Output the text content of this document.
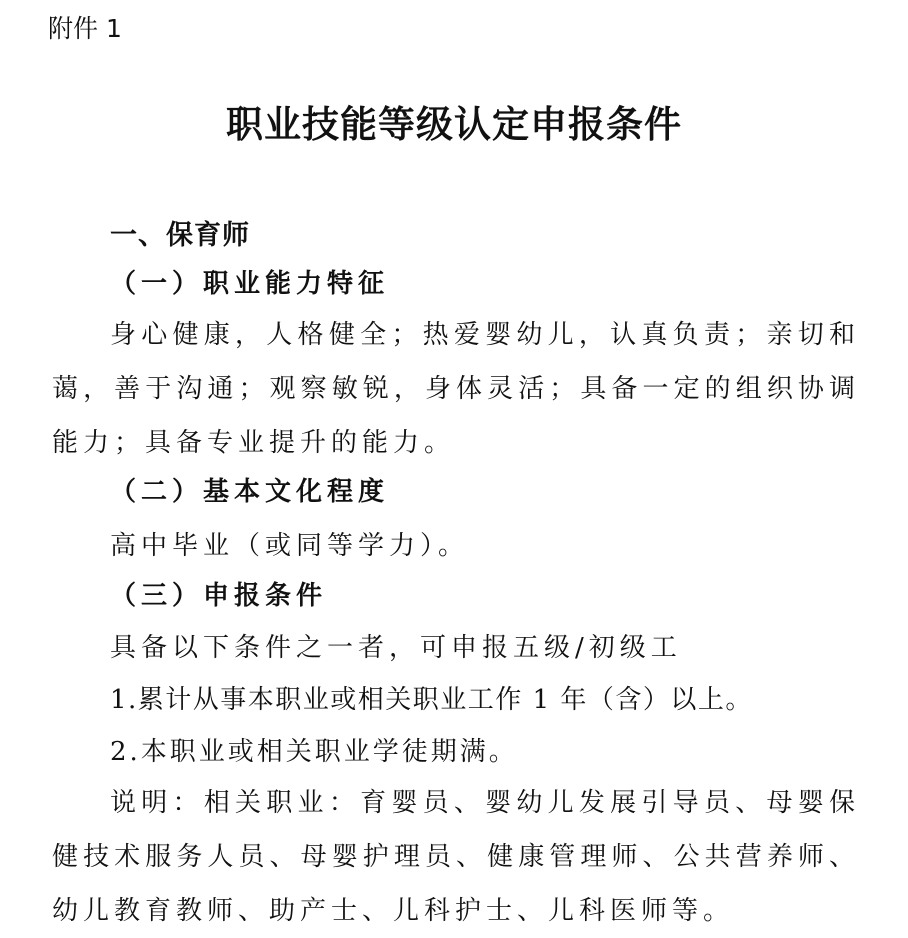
附件 1
职业技能等级认定申报条件
一、保育师
（一）职业能力特征
身心健康，人格健全；热爱婴幼儿，认真负责；亲切和蔼，善于沟通；观察敏锐，身体灵活；具备一定的组织协调能力；具备专业提升的能力。
（二）基本文化程度
高中毕业（或同等学力）。
（三）申报条件
具备以下条件之一者，可申报五级/初级工
1.累计从事本职业或相关职业工作 1 年（含）以上。
2.本职业或相关职业学徒期满。
说明：相关职业：育婴员、婴幼儿发展引导员、母婴保健技术服务人员、母婴护理员、健康管理师、公共营养师、幼儿教育教师、助产士、儿科护士、儿科医师等。
